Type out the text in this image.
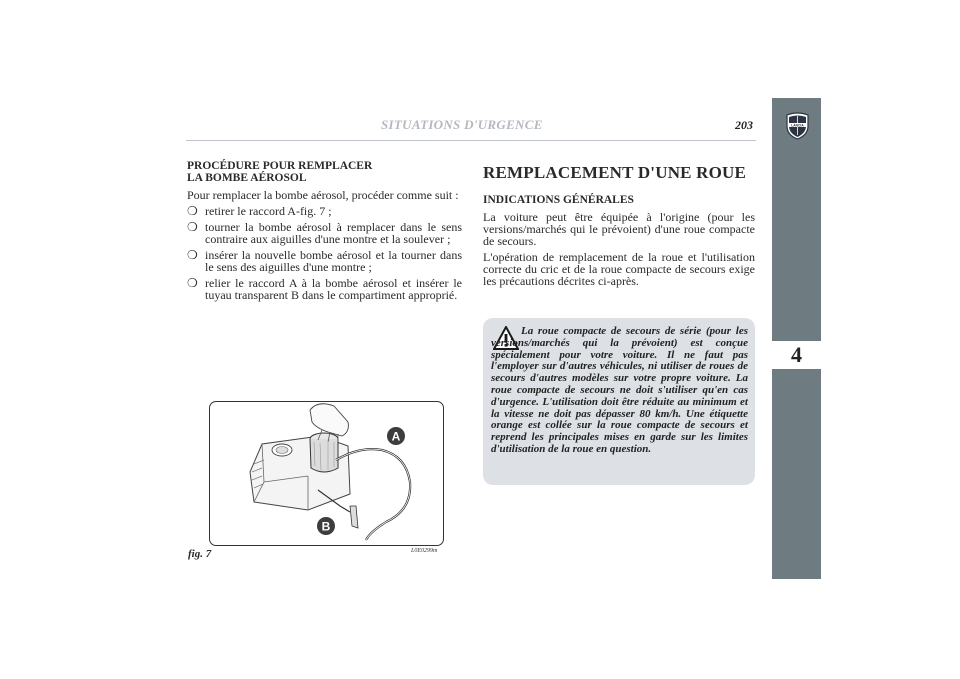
SITUATIONS D'URGENCE	203	LANCIA
4
PROCÉDURE POUR REMPLACER
LA BOMBE AÉROSOL

Pour remplacer la bombe aérosol, procéder comme suit :

❍ retirer le raccord A-fig. 7 ;
❍ tourner la bombe aérosol à remplacer dans le sens contraire aux aiguilles d'une montre et la soulever ;
❍ insérer la nouvelle bombe aérosol et la tourner dans le sens des aiguilles d'une montre ;
❍ relier le raccord A à la bombe aérosol et insérer le tuyau transparent B dans le compartiment approprié.
A
B
fig. 7	L0E0299m
REMPLACEMENT D'UNE ROUE
INDICATIONS GÉNÉRALES

La voiture peut être équipée à l'origine (pour les versions/marchés qui le prévoient) d'une roue compacte de secours.

L'opération de remplacement de la roue et l'utilisation correcte du cric et de la roue compacte de secours exige les précautions décrites ci-après.

La roue compacte de secours de série (pour les versions/marchés qui la prévoient) est conçue spécialement pour votre voiture. Il ne faut pas l'employer sur d'autres véhicules, ni utiliser de roues de secours d'autres modèles sur votre propre voiture. La roue compacte de secours ne doit s'utiliser qu'en cas d'urgence. L'utilisation doit être réduite au minimum et la vitesse ne doit pas dépasser 80 km/h. Une étiquette orange est collée sur la roue compacte de secours et reprend les principales mises en garde sur les limites d'utilisation de la roue en question.
